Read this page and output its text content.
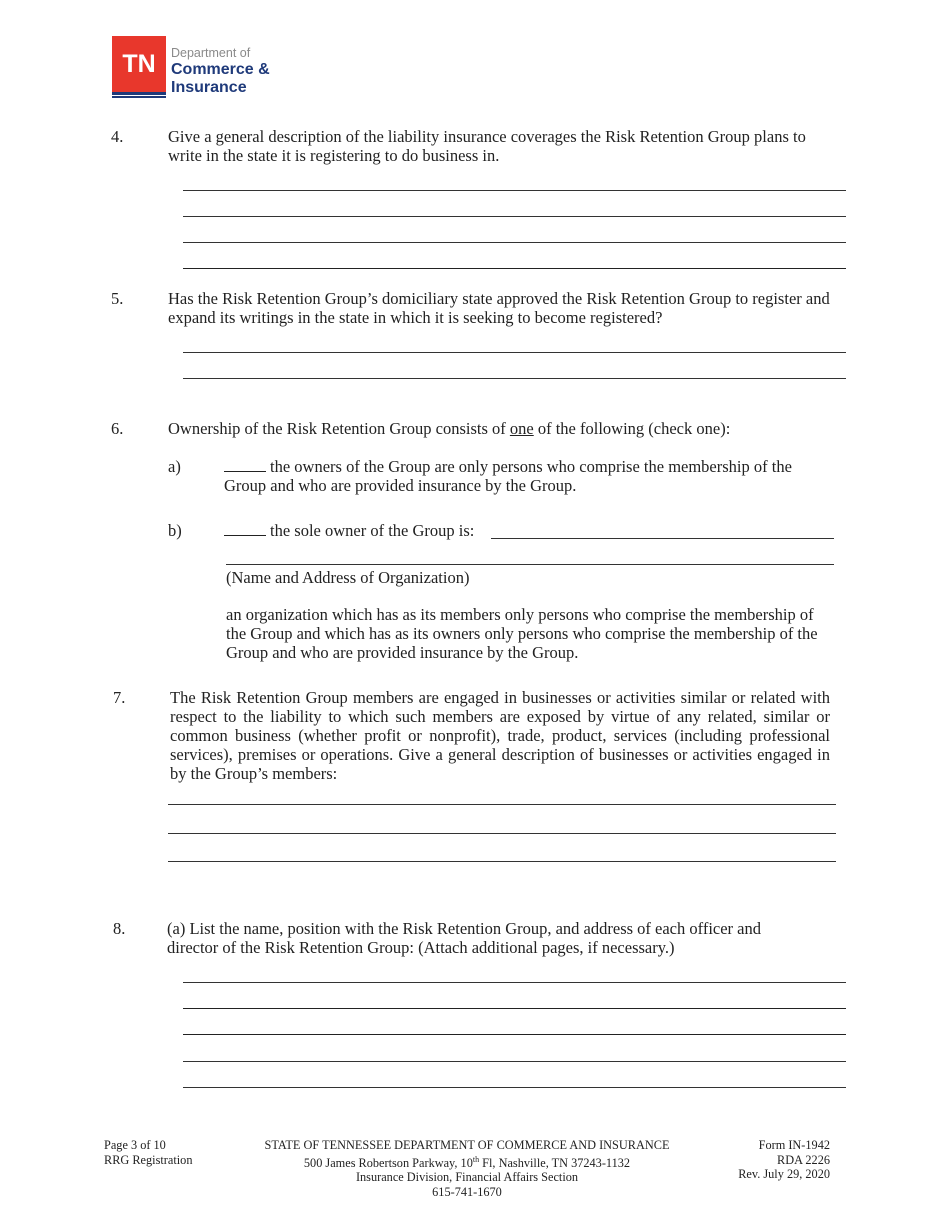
TN	Department of
Commerce &
Insurance
4.	Give a general description of the liability insurance coverages the Risk Retention Group plans to write in the state it is registering to do business in.
5.	Has the Risk Retention Group’s domiciliary state approved the Risk Retention Group to register and expand its writings in the state in which it is seeking to become registered?
6.	Ownership of the Risk Retention Group consists of one of the following (check one):
a)	the owners of the Group are only persons who comprise the membership of the Group and who are provided insurance by the Group.
b)	the sole owner of the Group is:
(Name and Address of Organization)
an organization which has as its members only persons who comprise the membership of the Group and which has as its owners only persons who comprise the membership of the Group and who are provided insurance by the Group.
7.	The Risk Retention Group members are engaged in businesses or activities similar or related with respect to the liability to which such members are exposed by virtue of any related, similar or common business (whether profit or nonprofit), trade, product, services (including professional services), premises or operations. Give a general description of businesses or activities engaged in by the Group’s members:
8.	(a) List the name, position with the Risk Retention Group, and address of each officer and director of the Risk Retention Group: (Attach additional pages, if necessary.)
Page 3 of 10
RRG Registration
STATE OF TENNESSEE DEPARTMENT OF COMMERCE AND INSURANCE
500 James Robertson Parkway, 10th Fl, Nashville, TN 37243-1132
Insurance Division, Financial Affairs Section
615-741-1670
Form IN-1942
RDA 2226
Rev. July 29, 2020
